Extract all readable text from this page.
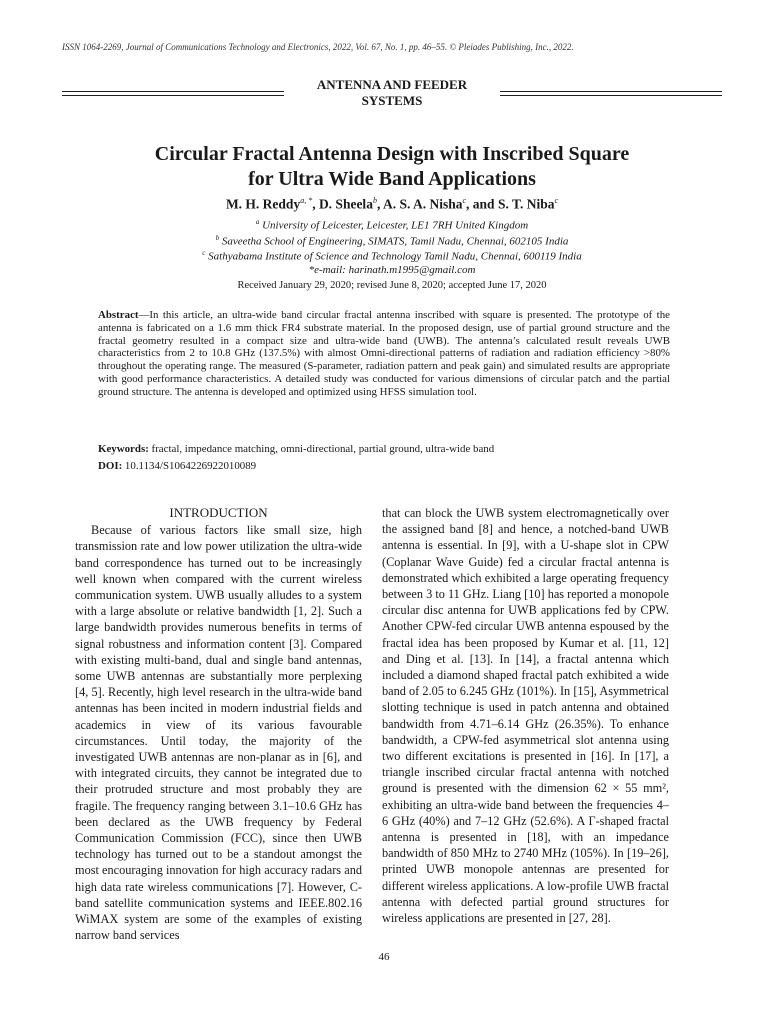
ISSN 1064-2269, Journal of Communications Technology and Electronics, 2022, Vol. 67, No. 1, pp. 46–55. © Pleiades Publishing, Inc., 2022.
ANTENNA AND FEEDER
SYSTEMS
Circular Fractal Antenna Design with Inscribed Square
for Ultra Wide Band Applications
M. H. Reddy$^{a, *}$, D. Sheela$^b$, A. S. A. Nisha$^c$, and S. T. Niba$^c$
$^a$ University of Leicester, Leicester, LE1 7RH United Kingdom
$^b$ Saveetha School of Engineering, SIMATS, Tamil Nadu, Chennai, 602105 India
$^c$ Sathyabama Institute of Science and Technology Tamil Nadu, Chennai, 600119 India
*e-mail: harinath.m1995@gmail.com
Received January 29, 2020; revised June 8, 2020; accepted June 17, 2020
Abstract—In this article, an ultra-wide band circular fractal antenna inscribed with square is presented. The prototype of the antenna is fabricated on a 1.6 mm thick FR4 substrate material. In the proposed design, use of partial ground structure and the fractal geometry resulted in a compact size and ultra-wide band (UWB). The antenna’s calculated result reveals UWB characteristics from 2 to 10.8 GHz (137.5%) with almost Omni-directional patterns of radiation and radiation efficiency >80% throughout the operating range. The measured (S-parameter, radiation pattern and peak gain) and simulated results are appropriate with good performance characteristics. A detailed study was conducted for various dimensions of circular patch and the partial ground structure. The antenna is developed and optimized using HFSS simulation tool.
Keywords: fractal, impedance matching, omni-directional, partial ground, ultra-wide band
DOI: 10.1134/S1064226922010089
INTRODUCTION

Because of various factors like small size, high transmission rate and low power utilization the ultra-wide band correspondence has turned out to be increasingly well known when compared with the current wireless communication system. UWB usually alludes to a system with a large absolute or relative bandwidth [1, 2]. Such a large bandwidth provides numerous benefits in terms of signal robustness and information content [3]. Compared with existing multi-band, dual and single band antennas, some UWB antennas are substantially more perplexing [4, 5]. Recently, high level research in the ultra-wide band antennas has been incited in modern industrial fields and academics in view of its various favourable circumstances. Until today, the majority of the investigated UWB antennas are non-planar as in [6], and with integrated circuits, they cannot be integrated due to their protruded structure and most probably they are fragile. The frequency ranging between 3.1–10.6 GHz has been declared as the UWB frequency by Federal Communication Commission (FCC), since then UWB technology has turned out to be a standout amongst the most encouraging innovation for high accuracy radars and high data rate wireless communications [7]. However, C-band satellite communication systems and IEEE.802.16 WiMAX system are some of the examples of existing narrow band services

that can block the UWB system electromagnetically over the assigned band [8] and hence, a notched-band UWB antenna is essential. In [9], with a U-shape slot in CPW (Coplanar Wave Guide) fed a circular fractal antenna is demonstrated which exhibited a large operating frequency between 3 to 11 GHz. Liang [10] has reported a monopole circular disc antenna for UWB applications fed by CPW. Another CPW-fed circular UWB antenna espoused by the fractal idea has been proposed by Kumar et al. [11, 12] and Ding et al. [13]. In [14], a fractal antenna which included a diamond shaped fractal patch exhibited a wide band of 2.05 to 6.245 GHz (101%). In [15], Asymmetrical slotting technique is used in patch antenna and obtained bandwidth from 4.71–6.14 GHz (26.35%). To enhance bandwidth, a CPW-fed asymmetrical slot antenna using two different excitations is presented in [16]. In [17], a triangle inscribed circular fractal antenna with notched ground is presented with the dimension 62 × 55 mm², exhibiting an ultra-wide band between the frequencies 4–6 GHz (40%) and 7–12 GHz (52.6%). A Γ-shaped fractal antenna is presented in [18], with an impedance bandwidth of 850 MHz to 2740 MHz (105%). In [19–26], printed UWB monopole antennas are presented for different wireless applications. A low-profile UWB fractal antenna with defected partial ground structures for wireless applications are presented in [27, 28].

46
